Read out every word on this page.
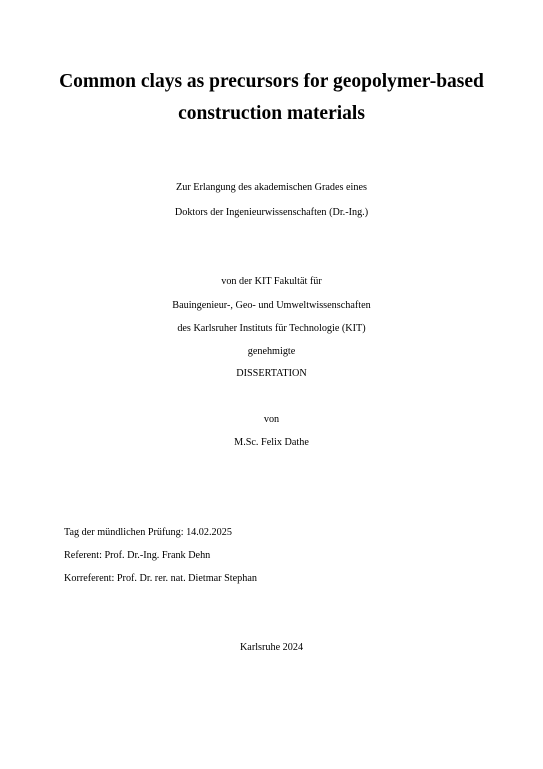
Common clays as precursors for geopolymer-based
construction materials
Zur Erlangung des akademischen Grades eines
Doktors der Ingenieurwissenschaften (Dr.-Ing.)
von der KIT Fakultät für
Bauingenieur-, Geo- und Umweltwissenschaften
des Karlsruher Instituts für Technologie (KIT)
genehmigte
DISSERTATION
von
M.Sc. Felix Dathe
Tag der mündlichen Prüfung: 14.02.2025
Referent: Prof. Dr.-Ing. Frank Dehn
Korreferent: Prof. Dr. rer. nat. Dietmar Stephan
Karlsruhe 2024
